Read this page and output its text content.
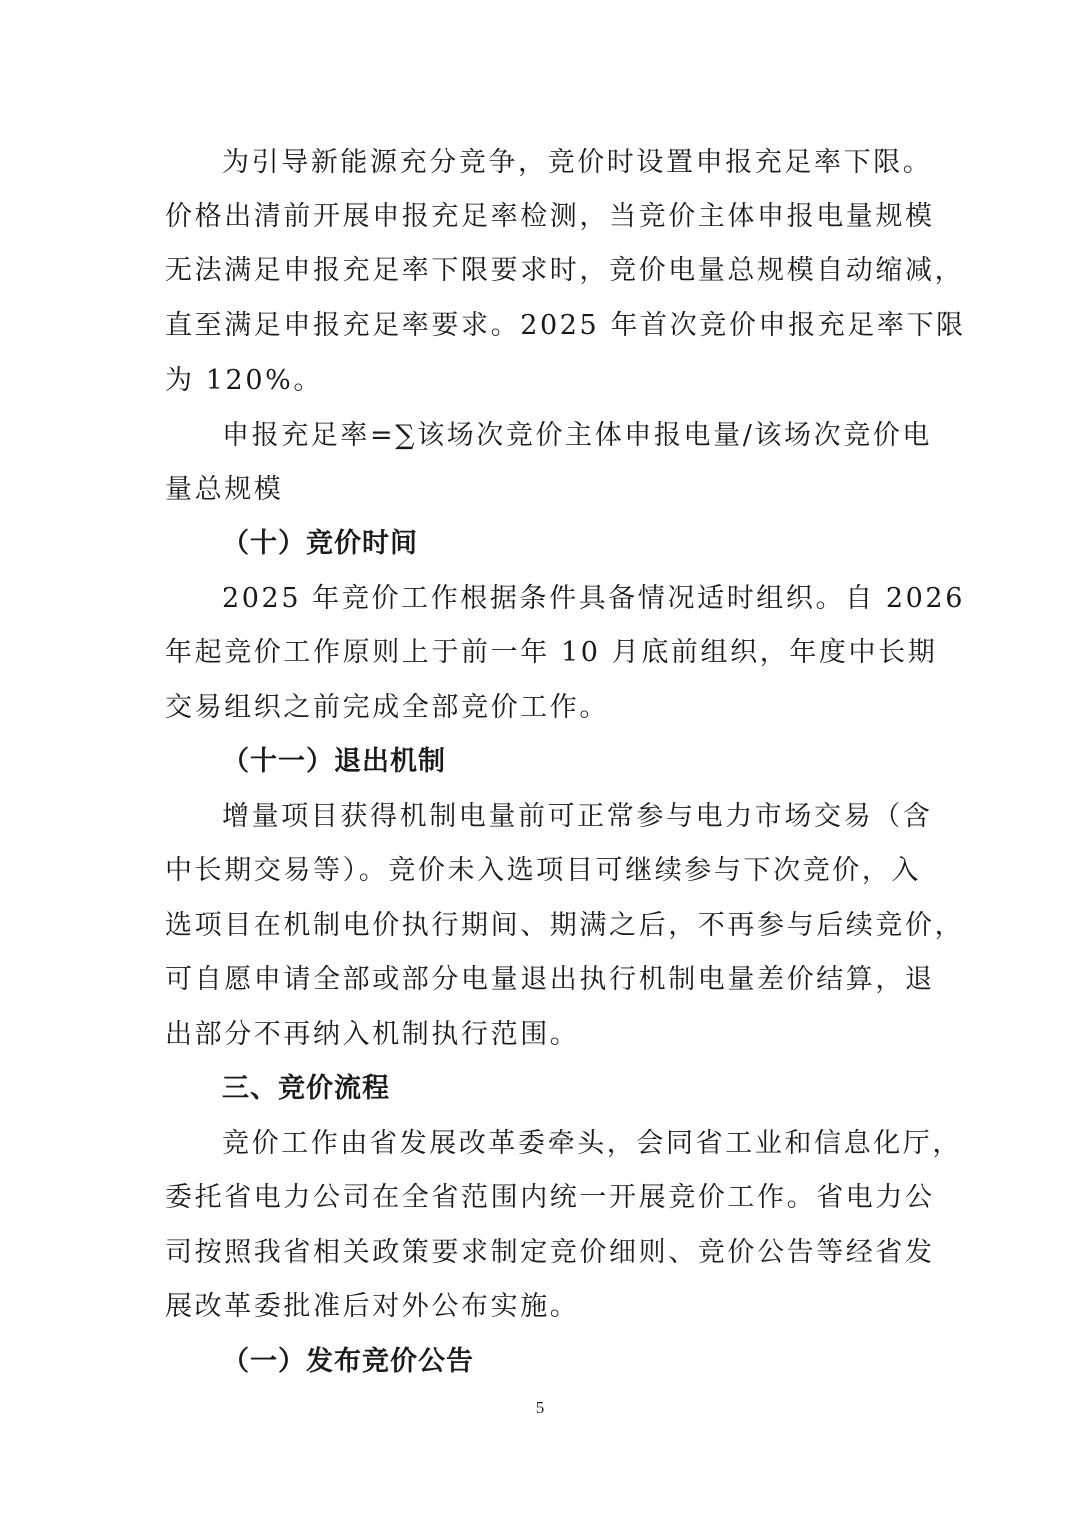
为引导新能源充分竞争，竞价时设置申报充足率下限。
价格出清前开展申报充足率检测，当竞价主体申报电量规模
无法满足申报充足率下限要求时，竞价电量总规模自动缩减，
直至满足申报充足率要求。2025 年首次竞价申报充足率下限
为 120%。
申报充足率=∑该场次竞价主体申报电量/该场次竞价电
量总规模
（十）竞价时间
2025 年竞价工作根据条件具备情况适时组织。自 2026
年起竞价工作原则上于前一年 10 月底前组织，年度中长期
交易组织之前完成全部竞价工作。
（十一）退出机制
增量项目获得机制电量前可正常参与电力市场交易（含
中长期交易等）。竞价未入选项目可继续参与下次竞价，入
选项目在机制电价执行期间、期满之后，不再参与后续竞价，
可自愿申请全部或部分电量退出执行机制电量差价结算，退
出部分不再纳入机制执行范围。
三、竞价流程
竞价工作由省发展改革委牵头，会同省工业和信息化厅，
委托省电力公司在全省范围内统一开展竞价工作。省电力公
司按照我省相关政策要求制定竞价细则、竞价公告等经省发
展改革委批准后对外公布实施。
（一）发布竞价公告
5
